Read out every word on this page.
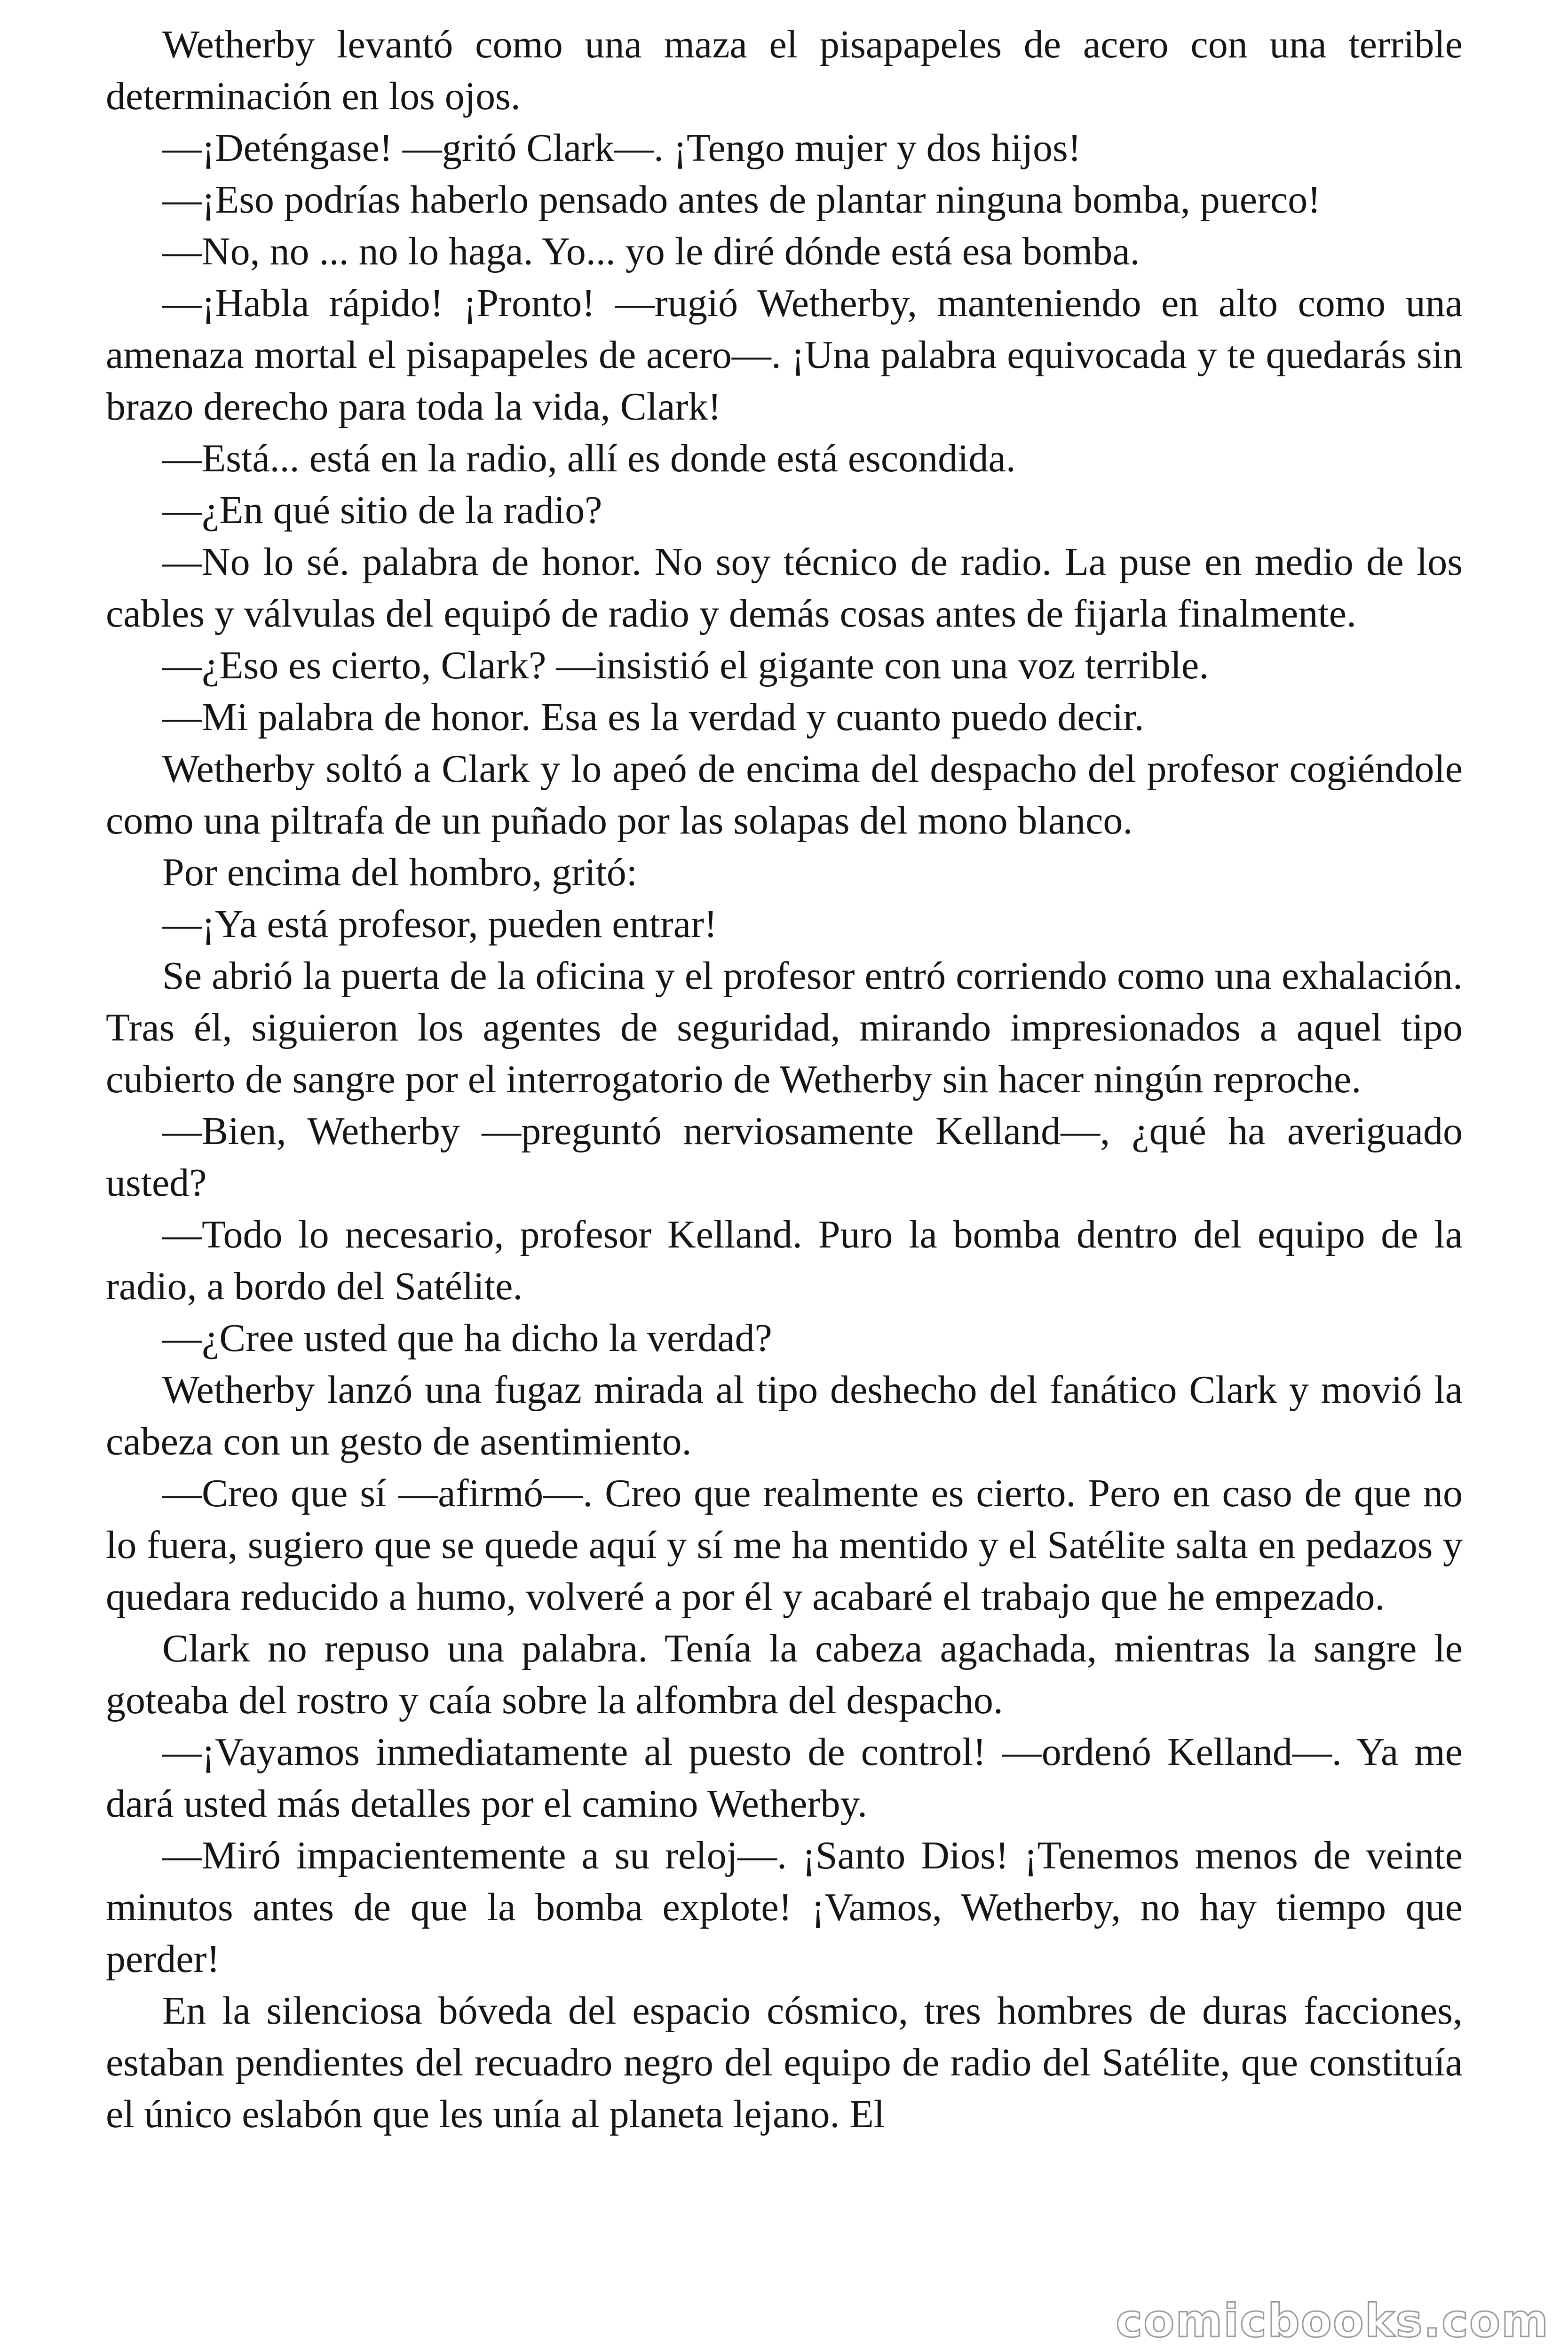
Wetherby levantó como una maza el pisapapeles de acero con una terrible determinación en los ojos.

—¡Deténgase! —gritó Clark—. ¡Tengo mujer y dos hijos!

—¡Eso podrías haberlo pensado antes de plantar ninguna bomba, puerco!

—No, no ... no lo haga. Yo... yo le diré dónde está esa bomba.

—¡Habla rápido! ¡Pronto! —rugió Wetherby, manteniendo en alto como una amenaza mortal el pisapapeles de acero—. ¡Una palabra equivocada y te quedarás sin brazo derecho para toda la vida, Clark!

—Está... está en la radio, allí es donde está escondida.

—¿En qué sitio de la radio?

—No lo sé. palabra de honor. No soy técnico de radio. La puse en medio de los cables y válvulas del equipó de radio y demás cosas antes de fijarla finalmente.

—¿Eso es cierto, Clark? —insistió el gigante con una voz terrible.

—Mi palabra de honor. Esa es la verdad y cuanto puedo decir.

Wetherby soltó a Clark y lo apeó de encima del despacho del profesor cogiéndole como una piltrafa de un puñado por las solapas del mono blanco.

Por encima del hombro, gritó:

—¡Ya está profesor, pueden entrar!

Se abrió la puerta de la oficina y el profesor entró corriendo como una exhalación. Tras él, siguieron los agentes de seguridad, mirando impresionados a aquel tipo cubierto de sangre por el interrogatorio de Wetherby sin hacer ningún reproche.

—Bien, Wetherby —preguntó nerviosamente Kelland—, ¿qué ha averiguado usted?

—Todo lo necesario, profesor Kelland. Puro la bomba dentro del equipo de la radio, a bordo del Satélite.

—¿Cree usted que ha dicho la verdad?

Wetherby lanzó una fugaz mirada al tipo deshecho del fanático Clark y movió la cabeza con un gesto de asentimiento.

—Creo que sí —afirmó—. Creo que realmente es cierto. Pero en caso de que no lo fuera, sugiero que se quede aquí y sí me ha mentido y el Satélite salta en pedazos y quedara reducido a humo, volveré a por él y acabaré el trabajo que he empezado.

Clark no repuso una palabra. Tenía la cabeza agachada, mientras la sangre le goteaba del rostro y caía sobre la alfombra del despacho.

—¡Vayamos inmediatamente al puesto de control! —ordenó Kelland—. Ya me dará usted más detalles por el camino Wetherby.

—Miró impacientemente a su reloj—. ¡Santo Dios! ¡Tenemos menos de veinte minutos antes de que la bomba explote! ¡Vamos, Wetherby, no hay tiempo que perder!

En la silenciosa bóveda del espacio cósmico, tres hombres de duras facciones, estaban pendientes del recuadro negro del equipo de radio del Satélite, que constituía el único eslabón que les unía al planeta lejano. El

comicbooks.com
